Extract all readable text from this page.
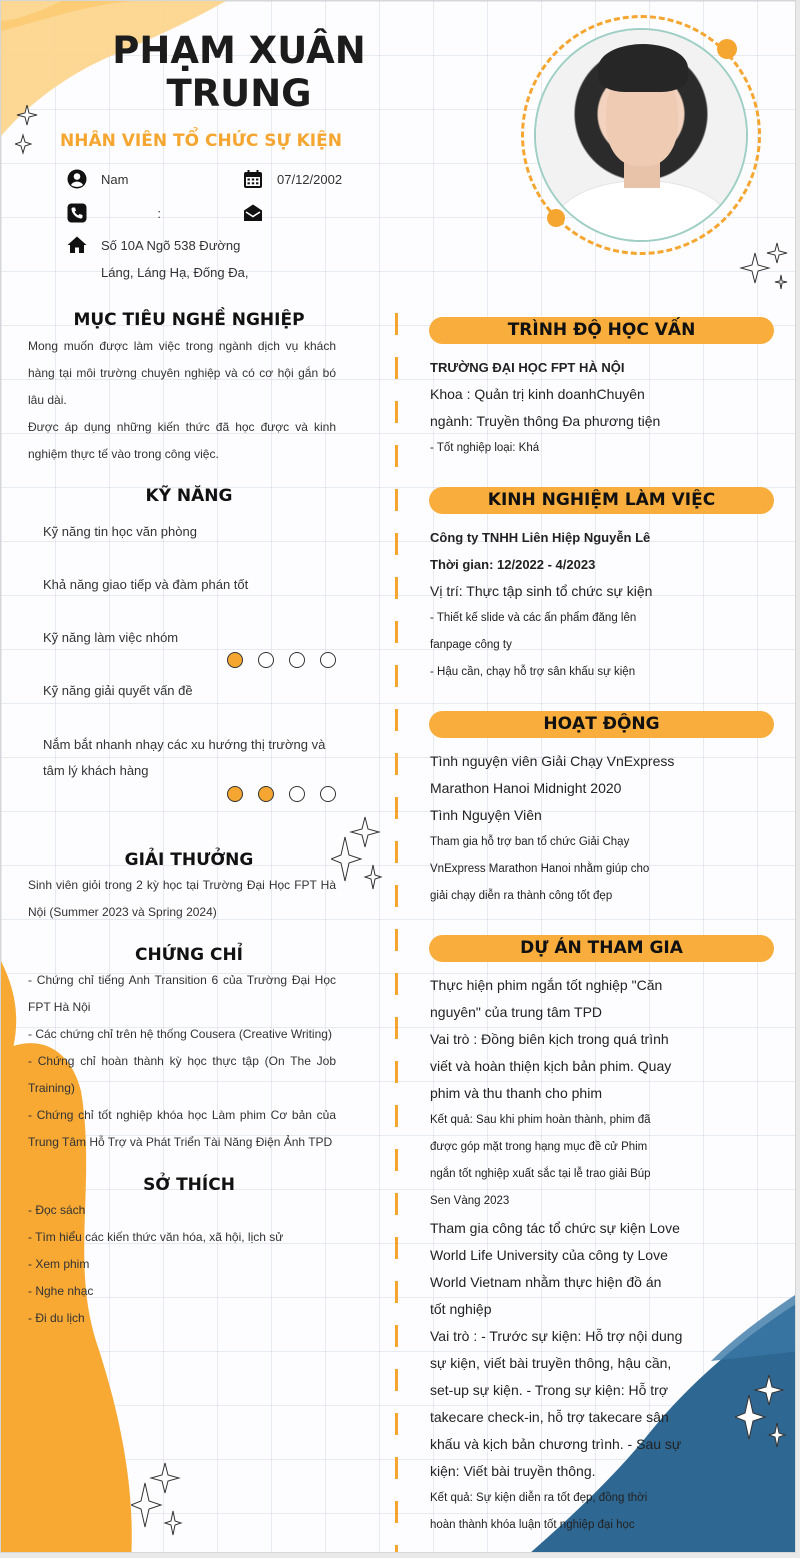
PHẠM XUÂN TRUNG
NHÂN VIÊN TỔ CHỨC SỰ KIỆN
Nam	07/12/2002
:
Số 10A Ngõ 538 Đường
Láng, Láng Hạ, Đống Đa,
MỤC TIÊU NGHỀ NGHIỆP
Mong muốn được làm việc trong ngành dịch vụ khách hàng tại môi trường chuyên nghiệp và có cơ hội gắn bó lâu dài.
Được áp dụng những kiến thức đã học được và kinh nghiệm thực tế vào trong công việc.
KỸ NĂNG
Kỹ năng tin học văn phòng
Khả năng giao tiếp và đàm phán tốt
Kỹ năng làm việc nhóm
Kỹ năng giải quyết vấn đề
Nắm bắt nhanh nhạy các xu hướng thị trường và tâm lý khách hàng
GIẢI THƯỞNG
Sinh viên giỏi trong 2 kỳ học tại Trường Đại Học FPT Hà Nội (Summer 2023 và Spring 2024)
CHỨNG CHỈ
- Chứng chỉ tiếng Anh Transition 6 của Trường Đại Học FPT Hà Nội
- Các chứng chỉ trên hệ thống Cousera (Creative Writing)
- Chứng chỉ hoàn thành kỳ học thực tập (On The Job Training)
- Chứng chỉ tốt nghiệp khóa học Làm phim Cơ bản của Trung Tâm Hỗ Trợ và Phát Triển Tài Năng Điện Ảnh TPD
SỞ THÍCH
- Đọc sách
- Tìm hiểu các kiến thức văn hóa, xã hội, lịch sử
- Xem phim
- Nghe nhạc
- Đi du lịch
TRÌNH ĐỘ HỌC VẤN
TRƯỜNG ĐẠI HỌC FPT HÀ NỘI
Khoa : Quản trị kinh doanhChuyên
ngành: Truyền thông Đa phương tiện
- Tốt nghiệp loại: Khá
KINH NGHIỆM LÀM VIỆC
Công ty TNHH Liên Hiệp Nguyễn Lê
Thời gian: 12/2022 - 4/2023
Vị trí: Thực tập sinh tổ chức sự kiện
- Thiết kế slide và các ấn phẩm đăng lên
fanpage công ty
- Hậu cần, chạy hỗ trợ sân khấu sự kiện
HOẠT ĐỘNG
Tình nguyện viên Giải Chạy VnExpress
Marathon Hanoi Midnight 2020
Tình Nguyện Viên
Tham gia hỗ trợ ban tổ chức Giải Chạy
VnExpress Marathon Hanoi nhằm giúp cho
giải chạy diễn ra thành công tốt đẹp
DỰ ÁN THAM GIA
Thực hiện phim ngắn tốt nghiệp "Căn
nguyên" của trung tâm TPD
Vai trò : Đồng biên kịch trong quá trình
viết và hoàn thiện kịch bản phim. Quay
phim và thu thanh cho phim
Kết quả: Sau khi phim hoàn thành, phim đã
được góp mặt trong hạng mục đề cử Phim
ngắn tốt nghiệp xuất sắc tại lễ trao giải Búp
Sen Vàng 2023
Tham gia công tác tổ chức sự kiện Love
World Life University của công ty Love
World Vietnam nhằm thực hiện đồ án
tốt nghiệp
Vai trò : - Trước sự kiện: Hỗ trợ nội dung
sự kiện, viết bài truyền thông, hậu cần,
set-up sự kiện. - Trong sự kiện: Hỗ trợ
takecare check-in, hỗ trợ takecare sân
khấu và kịch bản chương trình. - Sau sự
kiện: Viết bài truyền thông.
Kết quả: Sự kiện diễn ra tốt đẹp, đồng thời
hoàn thành khóa luận tốt nghiệp đại học
